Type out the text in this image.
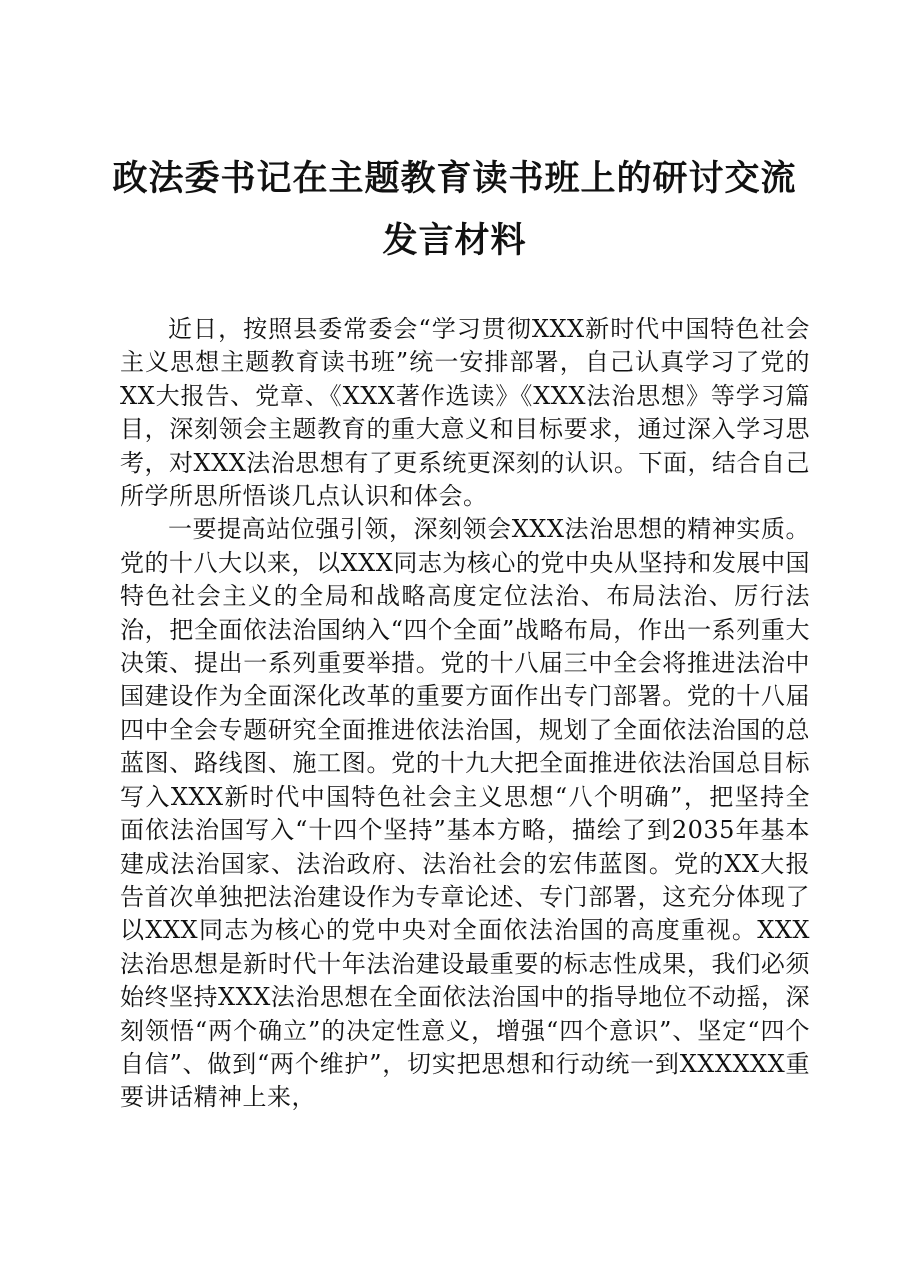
政法委书记在主题教育读书班上的研讨交流发言材料

近日，按照县委常委会“学习贯彻XXX新时代中国特色社会主义思想主题教育读书班”统一安排部署，自己认真学习了党的XX大报告、党章、《XXX著作选读》《XXX法治思想》等学习篇目，深刻领会主题教育的重大意义和目标要求，通过深入学习思考，对XXX法治思想有了更系统更深刻的认识。下面，结合自己所学所思所悟谈几点认识和体会。

一要提高站位强引领，深刻领会XXX法治思想的精神实质。党的十八大以来，以XXX同志为核心的党中央从坚持和发展中国特色社会主义的全局和战略高度定位法治、布局法治、厉行法治，把全面依法治国纳入“四个全面”战略布局，作出一系列重大决策、提出一系列重要举措。党的十八届三中全会将推进法治中国建设作为全面深化改革的重要方面作出专门部署。党的十八届四中全会专题研究全面推进依法治国，规划了全面依法治国的总蓝图、路线图、施工图。党的十九大把全面推进依法治国总目标写入XXX新时代中国特色社会主义思想“八个明确”，把坚持全面依法治国写入“十四个坚持”基本方略，描绘了到2035年基本建成法治国家、法治政府、法治社会的宏伟蓝图。党的XX大报告首次单独把法治建设作为专章论述、专门部署，这充分体现了以XXX同志为核心的党中央对全面依法治国的高度重视。XXX法治思想是新时代十年法治建设最重要的标志性成果，我们必须始终坚持XXX法治思想在全面依法治国中的指导地位不动摇，深刻领悟“两个确立”的决定性意义，增强“四个意识”、坚定“四个自信”、做到“两个维护”，切实把思想和行动统一到XXXXXX重要讲话精神上来，
